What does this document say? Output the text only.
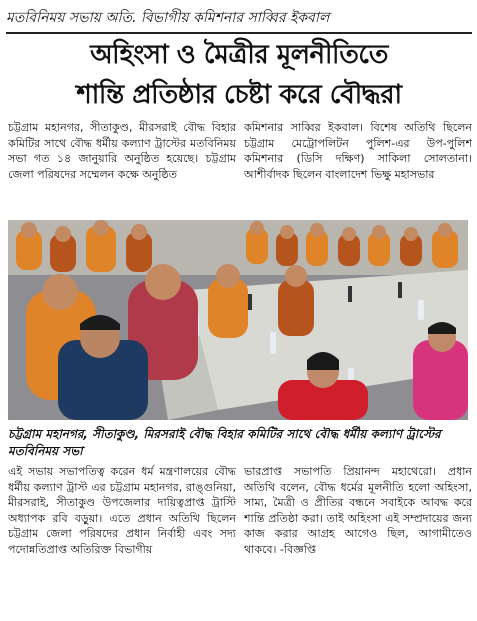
মতবিনিময় সভায় অতি. বিভাগীয় কমিশনার সাব্বির ইকবাল
অহিংসা ও মৈত্রীর মূলনীতিতে
শান্তি প্রতিষ্ঠার চেষ্টা করে বৌদ্ধরা
চট্টগ্রাম মহানগর, সীতাকুণ্ড, মীরসরাই বৌদ্ধ বিহার কমিটির সাথে বৌদ্ধ ধর্মীয় কল্যাণ ট্রাস্টের মতবিনিময় সভা গত ১৪ জানুয়ারি অনুষ্ঠিত হয়েছে। চট্টগ্রাম জেলা পরিষদের সম্মেলন কক্ষে অনুষ্ঠিত
কমিশনার সাব্বির ইকবাল। বিশেষ অতিথি ছিলেন চট্টগ্রাম মেট্রোপলিটন পুলিশ-এর উপ-পুলিশ কমিশনার (ডিসি দক্ষিণ) সাকিলা সোলতানা। আশীর্বাদক ছিলেন বাংলাদেশ ভিক্ষু মহাসভার
চট্টগ্রাম মহানগর, সীতাকুণ্ড, মিরসরাই বৌদ্ধ বিহার কমিটির সাথে বৌদ্ধ ধর্মীয় কল্যাণ ট্রাস্টের মতবিনিময় সভা
এই সভায় সভাপতিত্ব করেন ধর্ম মন্ত্রণালয়ের বৌদ্ধ ধর্মীয় কল্যাণ ট্রাস্ট এর চট্টগ্রাম মহানগর, রাঙ্গুনিয়া, মীরসরাই, সীতাকুণ্ড উপজেলার দায়িত্বপ্রাপ্ত ট্রাস্টি অধ্যাপক রবি বড়ুয়া। এতে প্রধান অতিথি ছিলেন চট্টগ্রাম জেলা পরিষদের প্রধান নির্বাহী এবং সদ্য পদোন্নতিপ্রাপ্ত অতিরিক্ত বিভাগীয়
ভারপ্রাপ্ত সভাপতি প্রিয়ানন্দ মহাথেরো। প্রধান অতিথি বলেন, বৌদ্ধ ধর্মের মূলনীতি হলো অহিংসা, সাম্য, মৈত্রী ও প্রীতির বন্ধনে সবাইকে আবদ্ধ করে শান্তি প্রতিষ্ঠা করা। তাই অহিংসা এই সম্প্রদায়ের জন্য কাজ করার আগ্রহ আগেও ছিল, আগামীতেও থাকবে। -বিজ্ঞপ্তি
